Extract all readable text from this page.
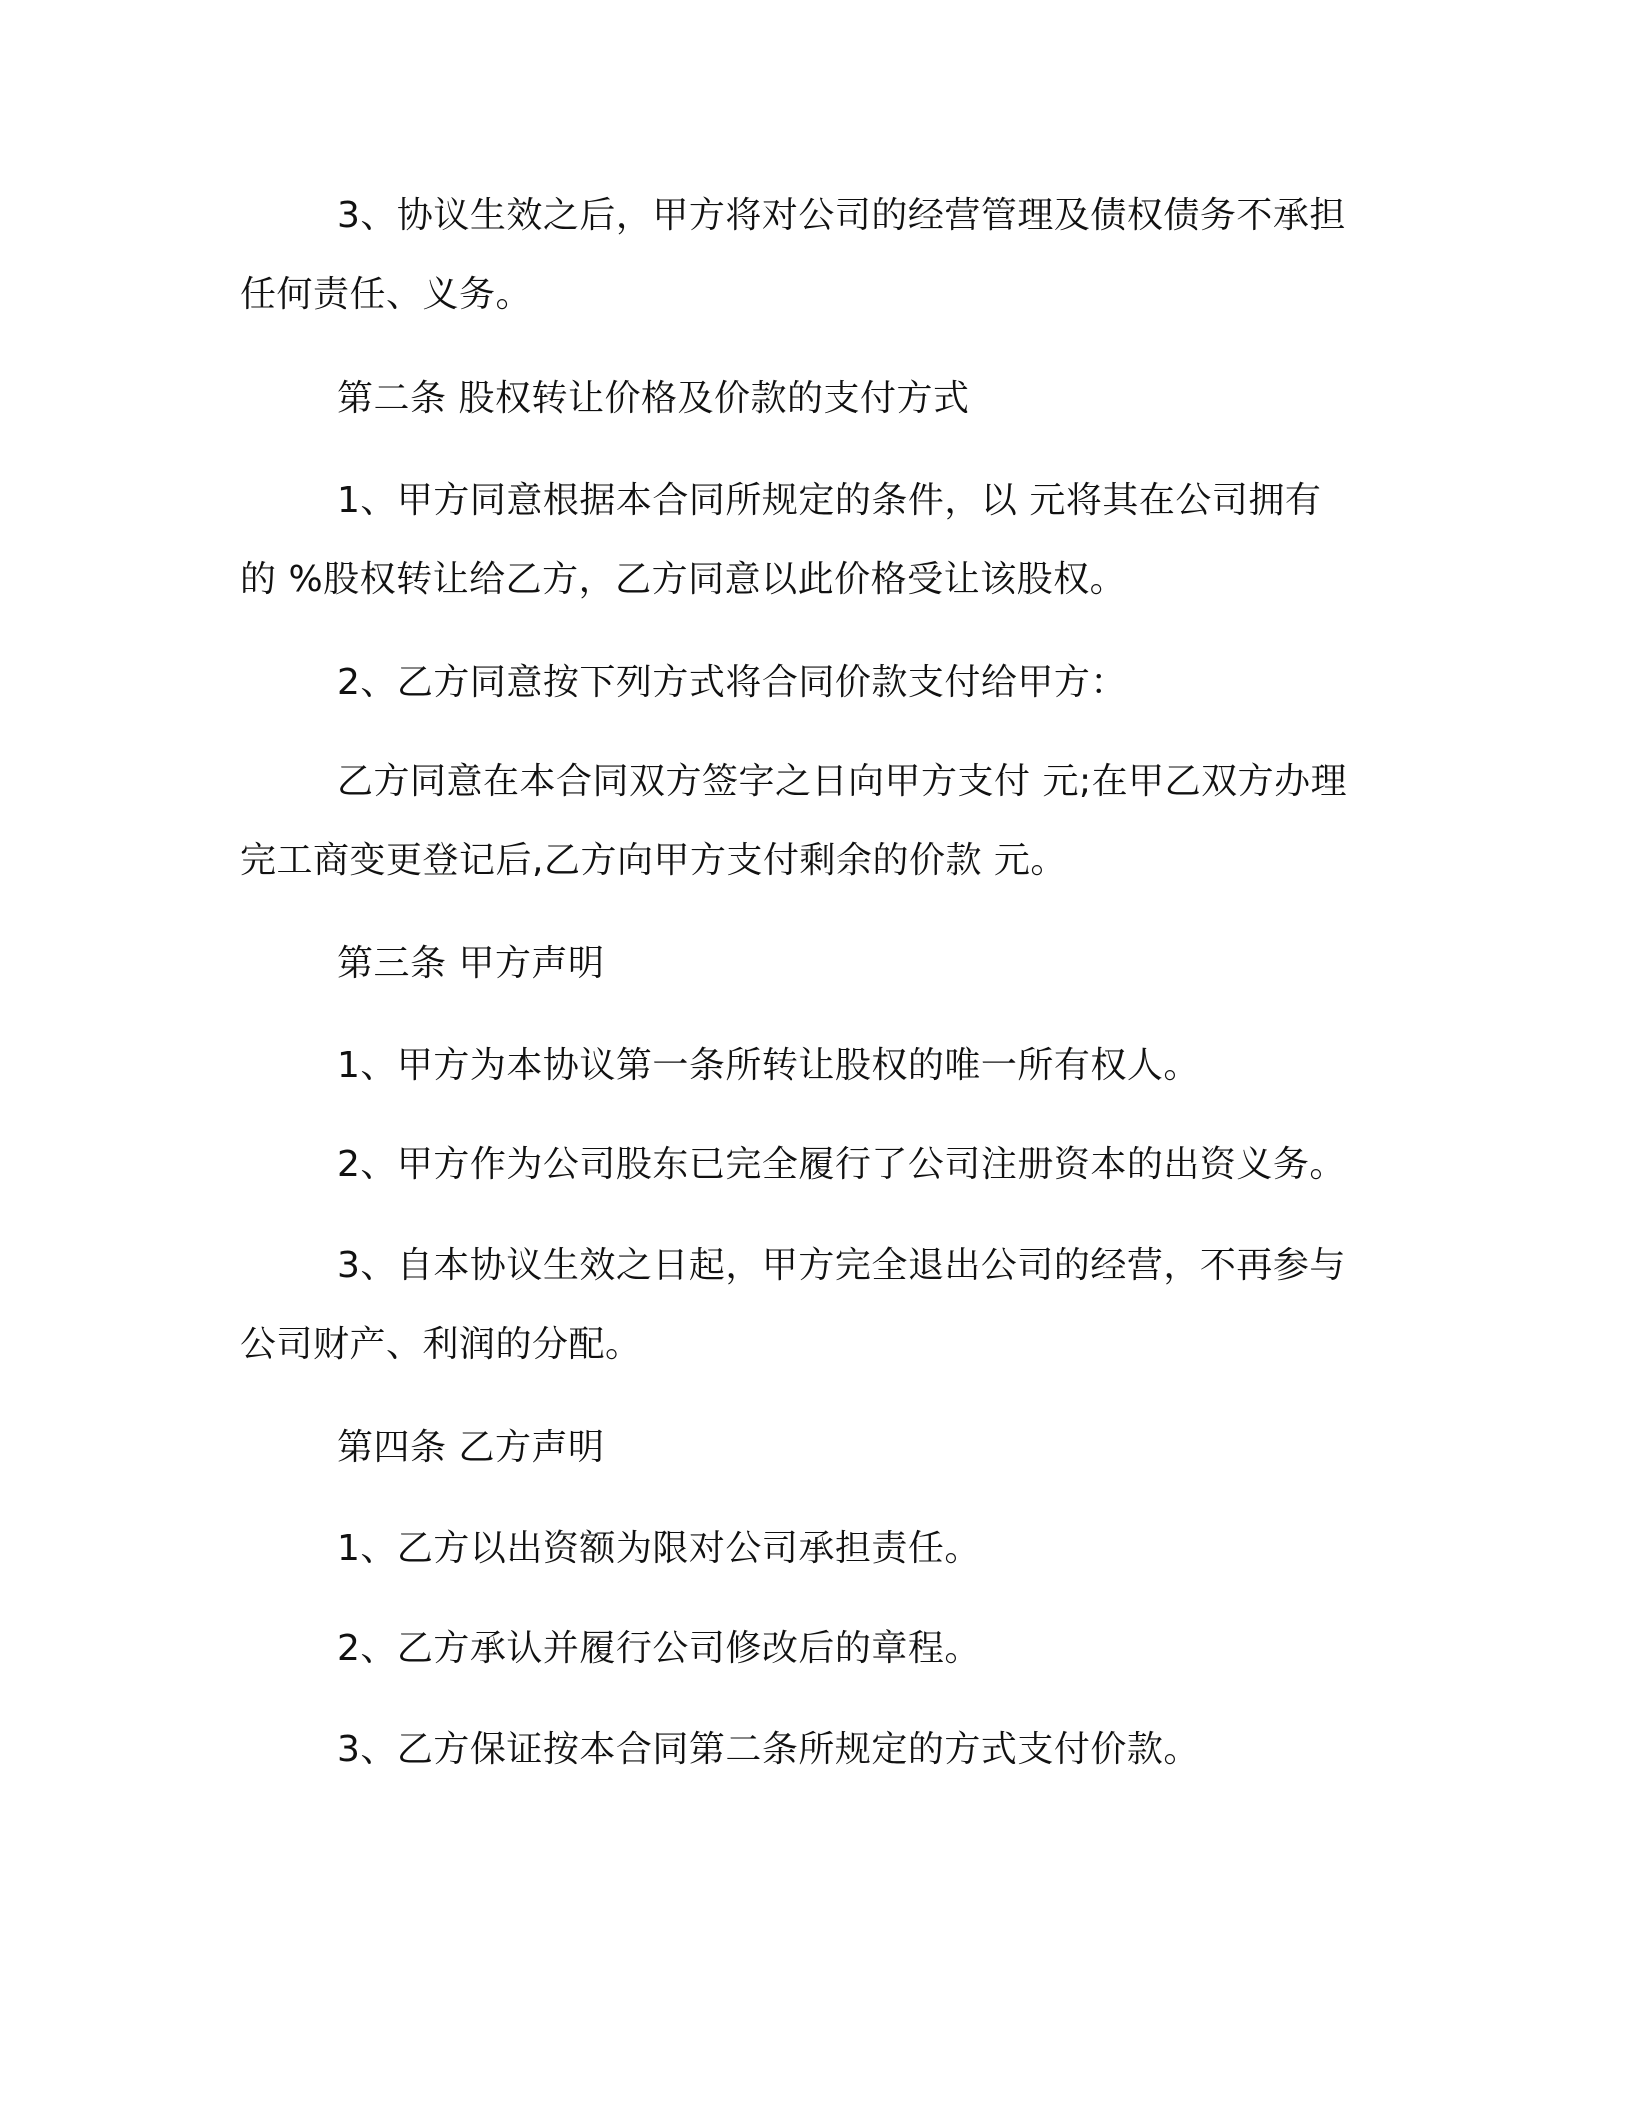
3、协议生效之后，甲方将对公司的经营管理及债权债务不承担
任何责任、义务。

第二条 股权转让价格及价款的支付方式

1、甲方同意根据本合同所规定的条件，以 元将其在公司拥有
的 %股权转让给乙方，乙方同意以此价格受让该股权。

2、乙方同意按下列方式将合同价款支付给甲方：

乙方同意在本合同双方签字之日向甲方支付 元;在甲乙双方办理
完工商变更登记后,乙方向甲方支付剩余的价款 元。

第三条 甲方声明

1、甲方为本协议第一条所转让股权的唯一所有权人。

2、甲方作为公司股东已完全履行了公司注册资本的出资义务。

3、自本协议生效之日起，甲方完全退出公司的经营，不再参与
公司财产、利润的分配。

第四条 乙方声明

1、乙方以出资额为限对公司承担责任。

2、乙方承认并履行公司修改后的章程。

3、乙方保证按本合同第二条所规定的方式支付价款。
